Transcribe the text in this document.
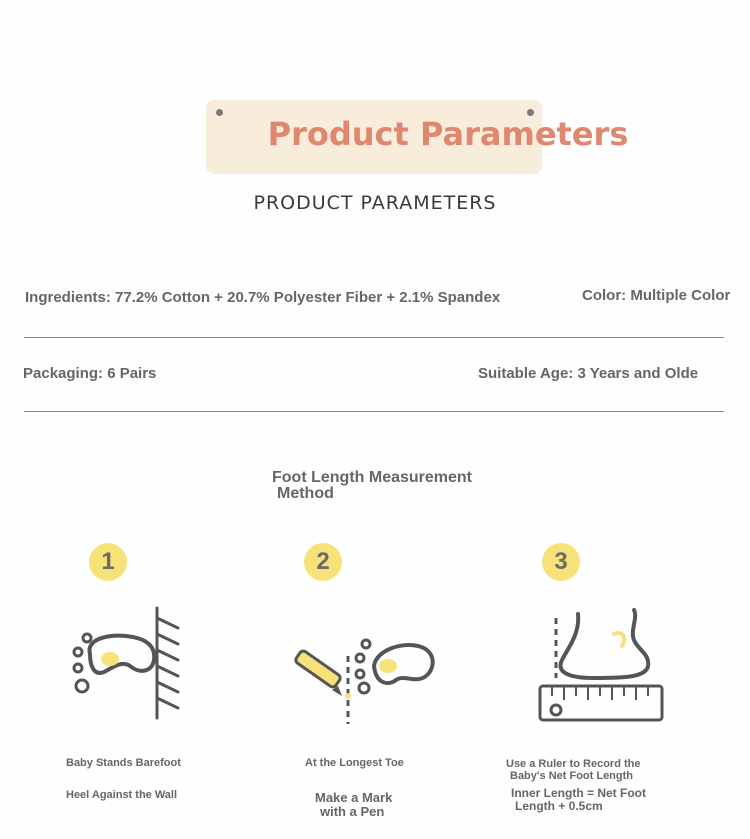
Product Parameters
PRODUCT PARAMETERS
Ingredients: 77.2% Cotton + 20.7% Polyester Fiber + 2.1% Spandex	Color: Multiple Color
Packaging: 6 Pairs	Suitable Age: 3 Years and Olde
Foot Length Measurement
Method
1	2	3
Baby Stands Barefoot
Heel Against the Wall
At the Longest Toe
Make a Mark
with a Pen
Use a Ruler to Record the
Baby's Net Foot Length
Inner Length = Net Foot
Length + 0.5cm
